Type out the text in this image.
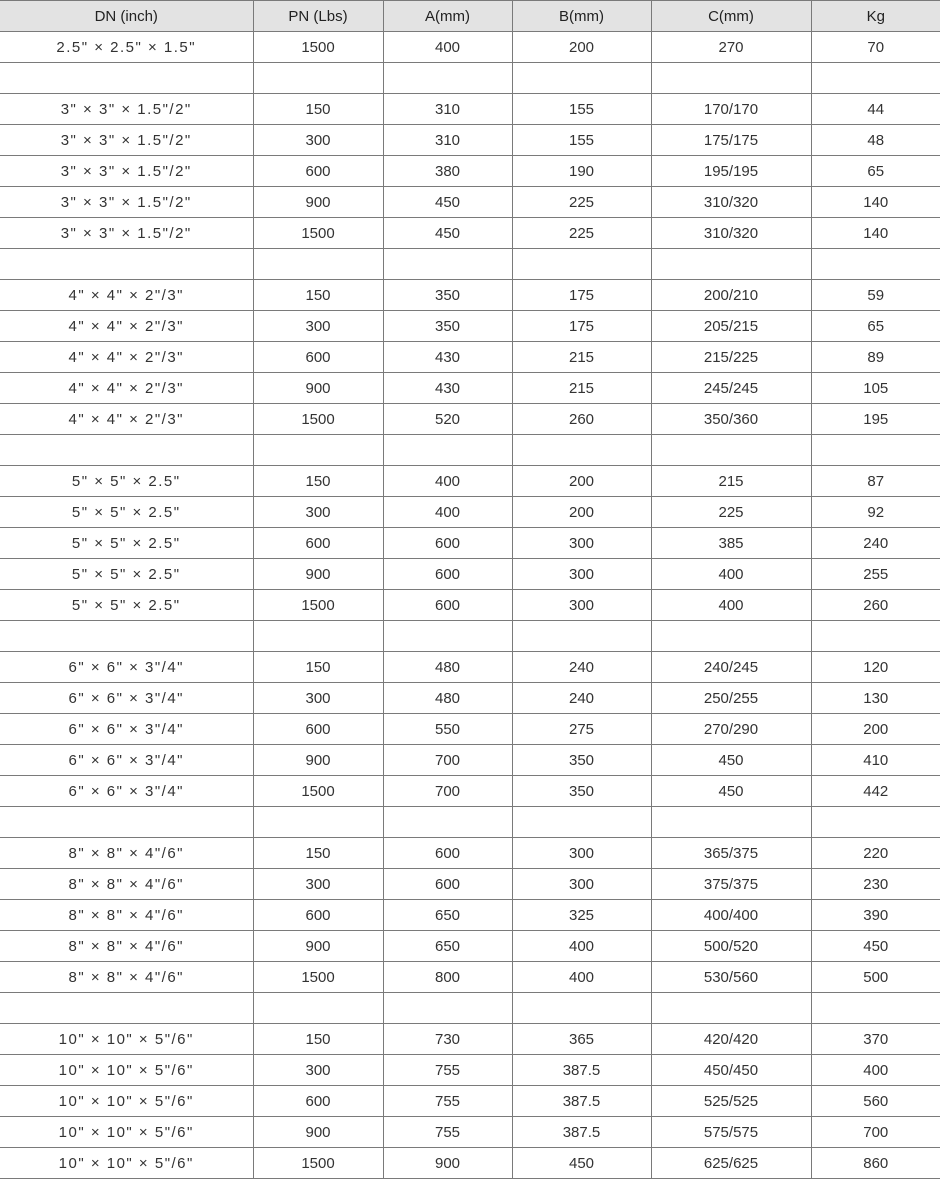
DN (inch)	PN (Lbs)	A(mm)	B(mm)	C(mm)	Kg
2.5" × 2.5" × 1.5"	1500	400	200	270	70

3" × 3" × 1.5"/2"	150	310	155	170/170	44
3" × 3" × 1.5"/2"	300	310	155	175/175	48
3" × 3" × 1.5"/2"	600	380	190	195/195	65
3" × 3" × 1.5"/2"	900	450	225	310/320	140
3" × 3" × 1.5"/2"	1500	450	225	310/320	140

4" × 4" × 2"/3"	150	350	175	200/210	59
4" × 4" × 2"/3"	300	350	175	205/215	65
4" × 4" × 2"/3"	600	430	215	215/225	89
4" × 4" × 2"/3"	900	430	215	245/245	105
4" × 4" × 2"/3"	1500	520	260	350/360	195

5" × 5" × 2.5"	150	400	200	215	87
5" × 5" × 2.5"	300	400	200	225	92
5" × 5" × 2.5"	600	600	300	385	240
5" × 5" × 2.5"	900	600	300	400	255
5" × 5" × 2.5"	1500	600	300	400	260

6" × 6" × 3"/4"	150	480	240	240/245	120
6" × 6" × 3"/4"	300	480	240	250/255	130
6" × 6" × 3"/4"	600	550	275	270/290	200
6" × 6" × 3"/4"	900	700	350	450	410
6" × 6" × 3"/4"	1500	700	350	450	442

8" × 8" × 4"/6"	150	600	300	365/375	220
8" × 8" × 4"/6"	300	600	300	375/375	230
8" × 8" × 4"/6"	600	650	325	400/400	390
8" × 8" × 4"/6"	900	650	400	500/520	450
8" × 8" × 4"/6"	1500	800	400	530/560	500

10" × 10" × 5"/6"	150	730	365	420/420	370
10" × 10" × 5"/6"	300	755	387.5	450/450	400
10" × 10" × 5"/6"	600	755	387.5	525/525	560
10" × 10" × 5"/6"	900	755	387.5	575/575	700
10" × 10" × 5"/6"	1500	900	450	625/625	860
